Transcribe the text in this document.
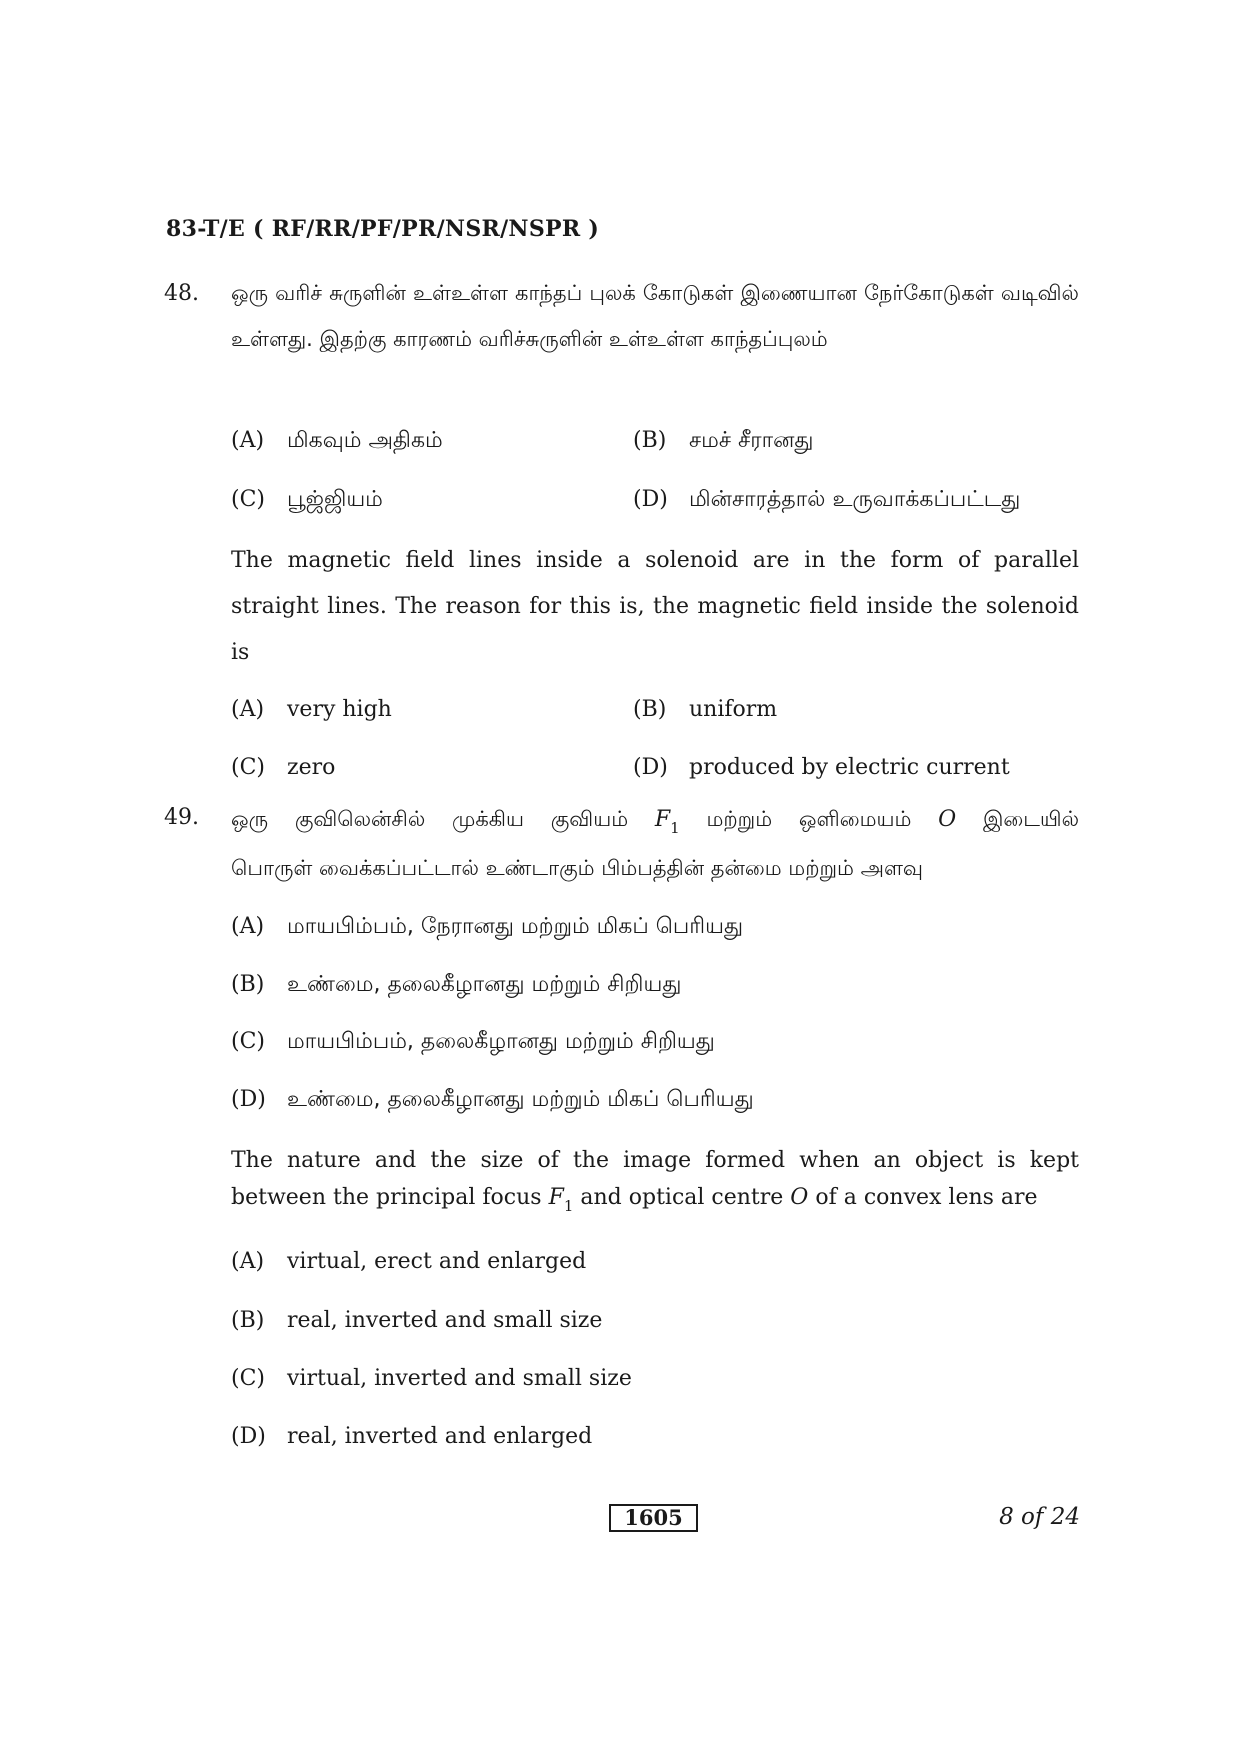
83-T/E ( RF/RR/PF/PR/NSR/NSPR )
48. ஒரு வரிச் சுருளின் உள்உள்ள காந்தப் புலக் கோடுகள் இணையான நேர்கோடுகள் வடிவில் உள்ளது. இதற்கு காரணம் வரிச்சுருளின் உள்உள்ள காந்தப்புலம்
(A) மிகவும் அதிகம்	(B) சமச் சீரானது
(C) பூஜ்ஜியம்	(D) மின்சாரத்தால் உருவாக்கப்பட்டது
The magnetic field lines inside a solenoid are in the form of parallel straight lines. The reason for this is, the magnetic field inside the solenoid is
(A) very high	(B) uniform
(C) zero	(D) produced by electric current
49. ஒரு குவிலென்சில் முக்கிய குவியம் $F_1$ மற்றும் ஒளிமையம் O இடையில்
பொருள் வைக்கப்பட்டால் உண்டாகும் பிம்பத்தின் தன்மை மற்றும் அளவு
(A) மாயபிம்பம், நேரானது மற்றும் மிகப் பெரியது
(B) உண்மை, தலைகீழானது மற்றும் சிறியது
(C) மாயபிம்பம், தலைகீழானது மற்றும் சிறியது
(D) உண்மை, தலைகீழானது மற்றும் மிகப் பெரியது
The nature and the size of the image formed when an object is kept
between the principal focus $F_1$ and optical centre O of a convex lens are
(A) virtual, erect and enlarged
(B) real, inverted and small size
(C) virtual, inverted and small size
(D) real, inverted and enlarged
1605	8 of 24
